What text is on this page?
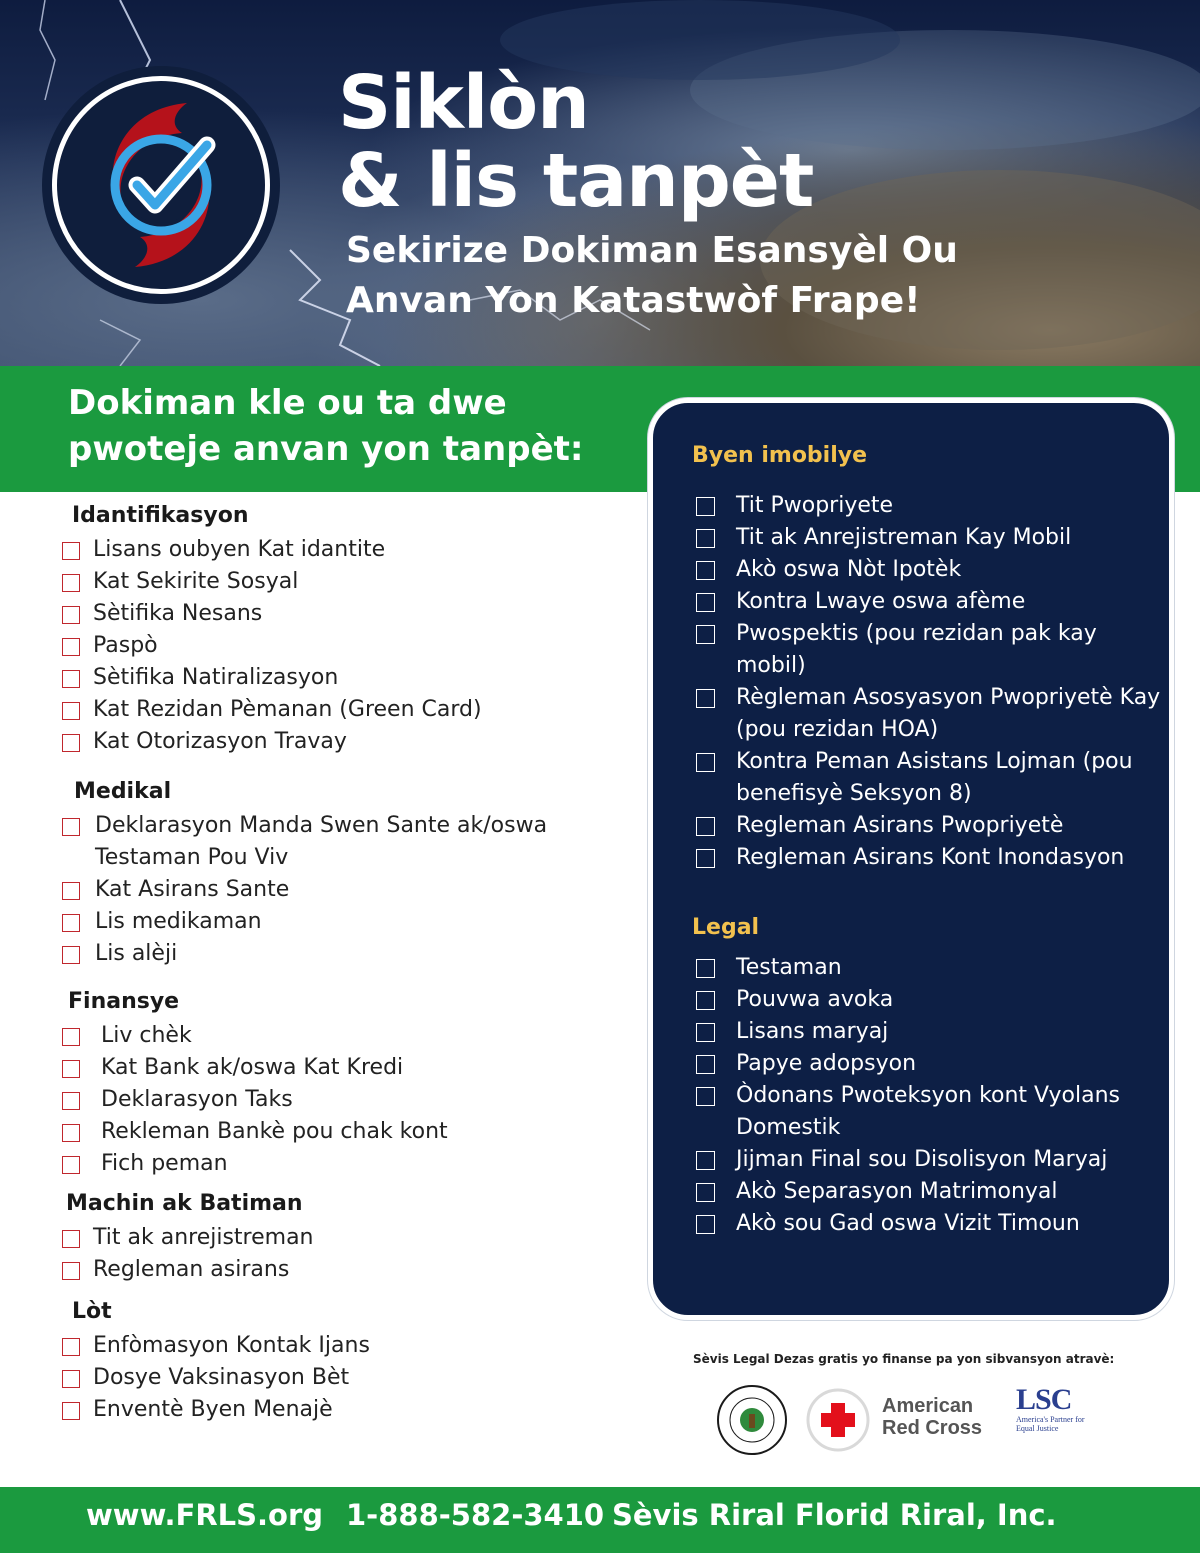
Siklòn
& lis tanpèt
Sekirize Dokiman Esansyèl Ou Anvan Yon Katastwòf Frape!
Dokiman kle ou ta dwe pwoteje anvan yon tanpèt:
Idantifikasyon
Lisans oubyen Kat idantite
Kat Sekirite Sosyal
Sètifika Nesans
Paspò
Sètifika Natiralizasyon
Kat Rezidan Pèmanan (Green Card)
Kat Otorizasyon Travay
Medikal
Deklarasyon Manda Swen Sante ak/oswa Testaman Pou Viv
Kat Asirans Sante
Lis medikaman
Lis alèji
Finansye
Liv chèk
Kat Bank ak/oswa Kat Kredi
Deklarasyon Taks
Rekleman Bankè pou chak kont
Fich peman
Machin ak Batiman
Tit ak anrejistreman
Regleman asirans
Lòt
Enfòmasyon Kontak Ijans
Dosye Vaksinasyon Bèt
Enventè Byen Menajè
Byen imobilye
Tit Pwopriyete
Tit ak Anrejistreman Kay Mobil
Akò oswa Nòt Ipotèk
Kontra Lwaye oswa afème
Pwospektis (pou rezidan pak kay mobil)
Règleman Asosyasyon Pwopriyetè Kay (pou rezidan HOA)
Kontra Peman Asistans Lojman (pou benefisyè Seksyon 8)
Regleman Asirans Pwopriyetè
Regleman Asirans Kont Inondasyon
Legal
Testaman
Pouvwa avoka
Lisans maryaj
Papye adopsyon
Òdonans Pwoteksyon kont Vyolans Domestik
Jijman Final sou Disolisyon Maryaj
Akò Separasyon Matrimonyal
Akò sou Gad oswa Vizit Timoun
Sèvis Legal Dezas gratis yo finanse pa yon sibvansyon atravè:
American
Red Cross
LSC
America's Partner for Equal Justice
www.FRLS.org 1-888-582-3410 Sèvis Riral Florid Riral, Inc.
